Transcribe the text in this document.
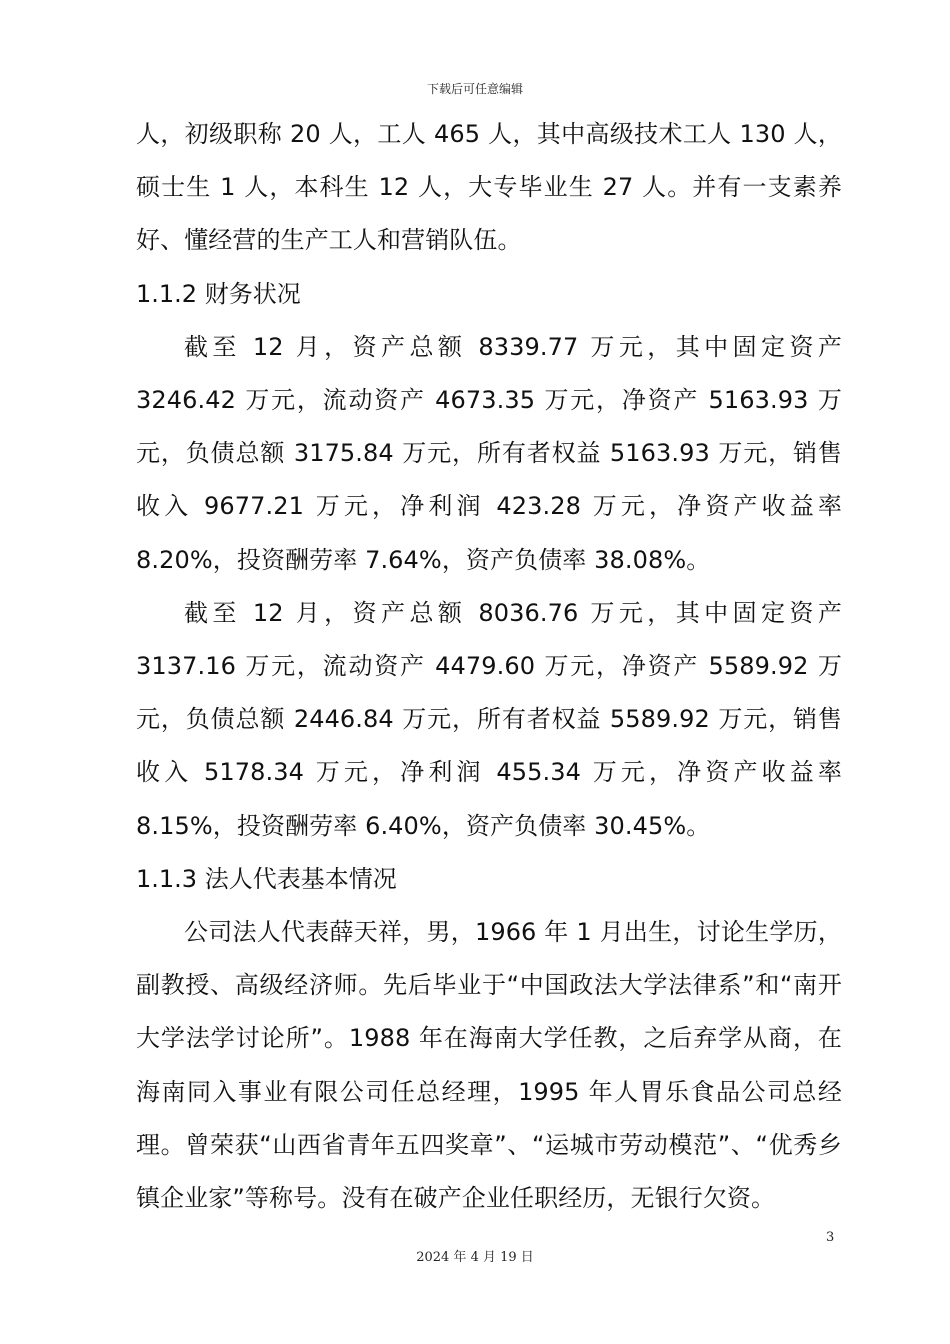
下载后可任意编辑

人，初级职称 20 人，工人 465 人，其中高级技术工人 130 人，硕士生 1 人，本科生 12 人，大专毕业生 27 人。并有一支素养好、懂经营的生产工人和营销队伍。

1.1.2 财务状况

截至 12 月，资产总额 8339.77 万元，其中固定资产 3246.42 万元，流动资产 4673.35 万元，净资产 5163.93 万元，负债总额 3175.84 万元，所有者权益 5163.93 万元，销售收入 9677.21 万元，净利润 423.28 万元，净资产收益率 8.20%，投资酬劳率 7.64%，资产负债率 38.08%。

截至 12 月，资产总额 8036.76 万元，其中固定资产 3137.16 万元，流动资产 4479.60 万元，净资产 5589.92 万元，负债总额 2446.84 万元，所有者权益 5589.92 万元，销售收入 5178.34 万元，净利润 455.34 万元，净资产收益率 8.15%，投资酬劳率 6.40%，资产负债率 30.45%。

1.1.3 法人代表基本情况

公司法人代表薛天祥，男，1966 年 1 月出生，讨论生学历，副教授、高级经济师。先后毕业于“中国政法大学法律系”和“南开大学法学讨论所”。1988 年在海南大学任教，之后弃学从商，在海南同入事业有限公司任总经理，1995 年人胃乐食品公司总经理。曾荣获“山西省青年五四奖章”、“运城市劳动模范”、“优秀乡镇企业家”等称号。没有在破产企业任职经历，无银行欠资。

3
2024 年 4 月 19 日
